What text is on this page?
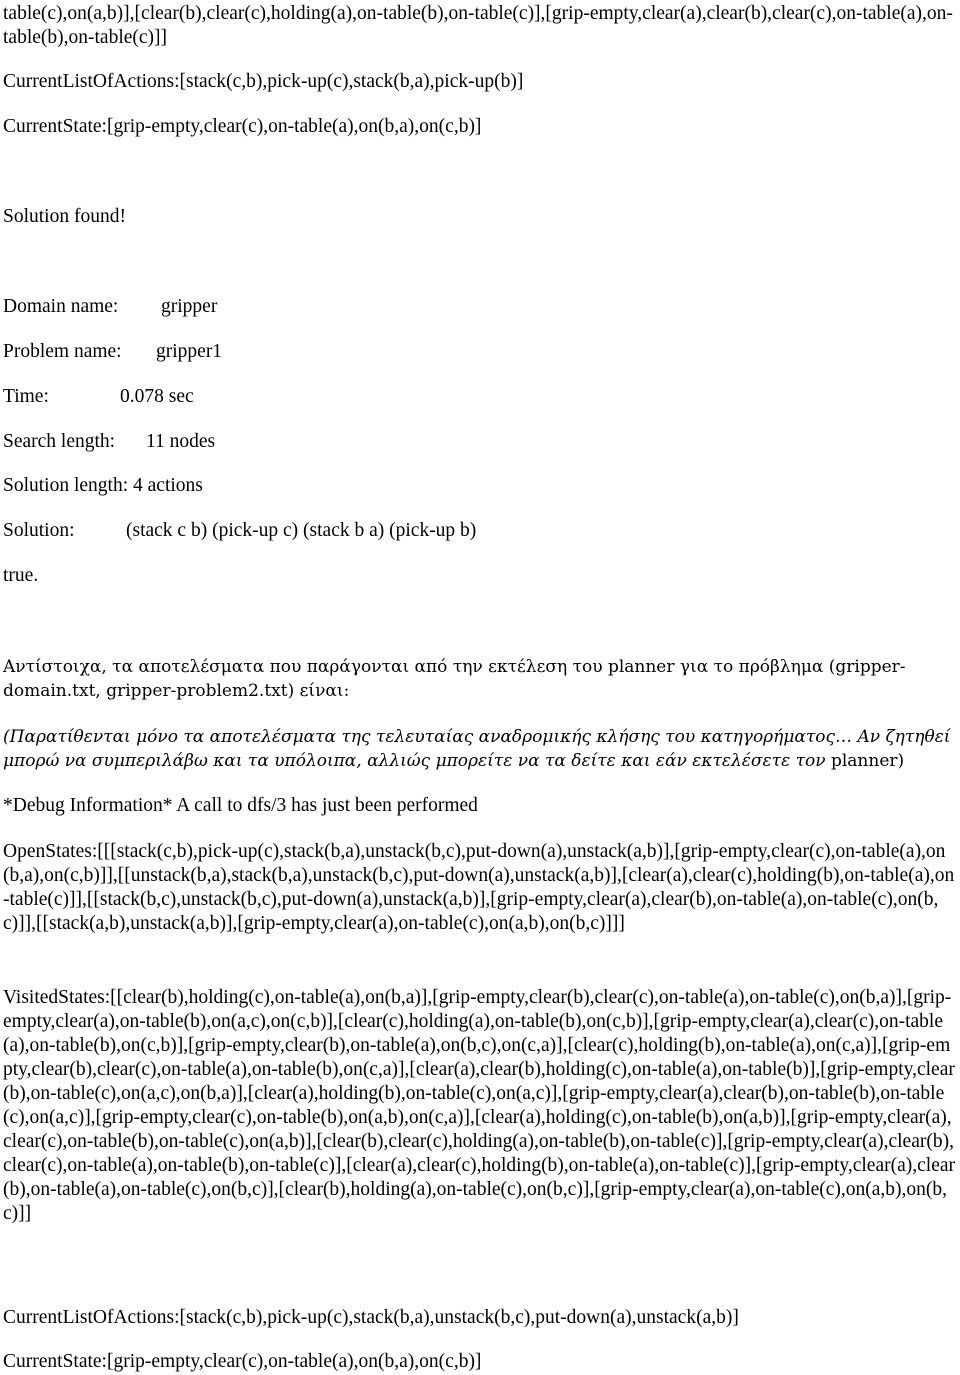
table(c),on(a,b)],[clear(b),clear(c),holding(a),on-table(b),on-table(c)],[grip-empty,clear(a),clear(b),clear(c),on-table(a),on-table(b),on-table(c)]]
CurrentListOfActions:[stack(c,b),pick-up(c),stack(b,a),pick-up(b)]
CurrentState:[grip-empty,clear(c),on-table(a),on(b,a),on(c,b)]
Solution found!
Domain name: gripper
Problem name: gripper1
Time:	0.078 sec
Search length: 11 nodes
Solution length: 4 actions
Solution:	(stack c b) (pick-up c) (stack b a) (pick-up b)
true.
Αντίστοιχα, τα αποτελέσματα που παράγονται από την εκτέλεση του planner για το πρόβλημα (gripper-domain.txt, gripper-problem2.txt) είναι:
(Παρατίθενται μόνο τα αποτελέσματα της τελευταίας αναδρομικής κλήσης του κατηγορήματος… Αν ζητηθεί μπορώ να συμπεριλάβω και τα υπόλοιπα, αλλιώς μπορείτε να τα δείτε και εάν εκτελέσετε τον planner)
*Debug Information* A call to dfs/3 has just been performed
OpenStates:[[[stack(c,b),pick-up(c),stack(b,a),unstack(b,c),put-down(a),unstack(a,b)],[grip-empty,clear(c),on-table(a),on(b,a),on(c,b)]],[[unstack(b,a),stack(b,a),unstack(b,c),put-down(a),unstack(a,b)],[clear(a),clear(c),holding(b),on-table(a),on-table(c)]],[[stack(b,c),unstack(b,c),put-down(a),unstack(a,b)],[grip-empty,clear(a),clear(b),on-table(a),on-table(c),on(b,c)]],[[stack(a,b),unstack(a,b)],[grip-empty,clear(a),on-table(c),on(a,b),on(b,c)]]]
VisitedStates:[[clear(b),holding(c),on-table(a),on(b,a)],[grip-empty,clear(b),clear(c),on-table(a),on-table(c),on(b,a)],[grip-empty,clear(a),on-table(b),on(a,c),on(c,b)],[clear(c),holding(a),on-table(b),on(c,b)],[grip-empty,clear(a),clear(c),on-table(a),on-table(b),on(c,b)],[grip-empty,clear(b),on-table(a),on(b,c),on(c,a)],[clear(c),holding(b),on-table(a),on(c,a)],[grip-empty,clear(b),clear(c),on-table(a),on-table(b),on(c,a)],[clear(a),clear(b),holding(c),on-table(a),on-table(b)],[grip-empty,clear(b),on-table(c),on(a,c),on(b,a)],[clear(a),holding(b),on-table(c),on(a,c)],[grip-empty,clear(a),clear(b),on-table(b),on-table(c),on(a,c)],[grip-empty,clear(c),on-table(b),on(a,b),on(c,a)],[clear(a),holding(c),on-table(b),on(a,b)],[grip-empty,clear(a),clear(c),on-table(b),on-table(c),on(a,b)],[clear(b),clear(c),holding(a),on-table(b),on-table(c)],[grip-empty,clear(a),clear(b),clear(c),on-table(a),on-table(b),on-table(c)],[clear(a),clear(c),holding(b),on-table(a),on-table(c)],[grip-empty,clear(a),clear(b),on-table(a),on-table(c),on(b,c)],[clear(b),holding(a),on-table(c),on(b,c)],[grip-empty,clear(a),on-table(c),on(a,b),on(b,c)]]
CurrentListOfActions:[stack(c,b),pick-up(c),stack(b,a),unstack(b,c),put-down(a),unstack(a,b)]
CurrentState:[grip-empty,clear(c),on-table(a),on(b,a),on(c,b)]
